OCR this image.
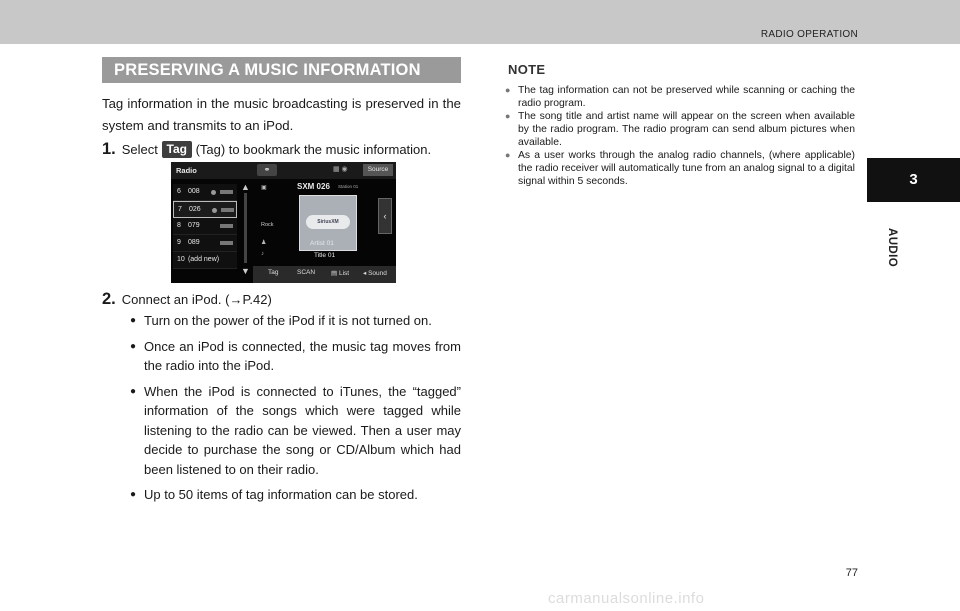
RADIO OPERATION
PRESERVING A MUSIC INFORMATION

Tag information in the music broadcasting is preserved in the system and transmits to an iPod.

1. Select Tag (Tag) to bookmark the music information.
Radio	⚭	▦ ◉	Source
6 008
7 026
8 079
9 089
10 (add new)
▲
▼
▣	SXM 026 Station 01
SiriusXM
Rock
♟
♪
Artist 01
Title 01
‹
Tag	SCAN ▤ List ◂ Sound
2. Connect an iPod. (→P.42)
● Turn on the power of the iPod if it is not turned on.
● Once an iPod is connected, the music tag moves from the radio into the iPod.
● When the iPod is connected to iTunes, the “tagged” information of the songs which were tagged while listening to the radio can be viewed. Then a user may decide to purchase the song or CD/Album which had been listened to on their radio.
● Up to 50 items of tag information can be stored.
NOTE
● The tag information can not be preserved while scanning or caching the radio program.
● The song title and artist name will appear on the screen when available by the radio program. The radio program can send album pictures when available.
● As a user works through the analog radio channels, (where applicable) the radio receiver will automatically tune from an analog signal to a digital signal within 5 seconds.	3
AUDIO
77
carmanualsonline.info
